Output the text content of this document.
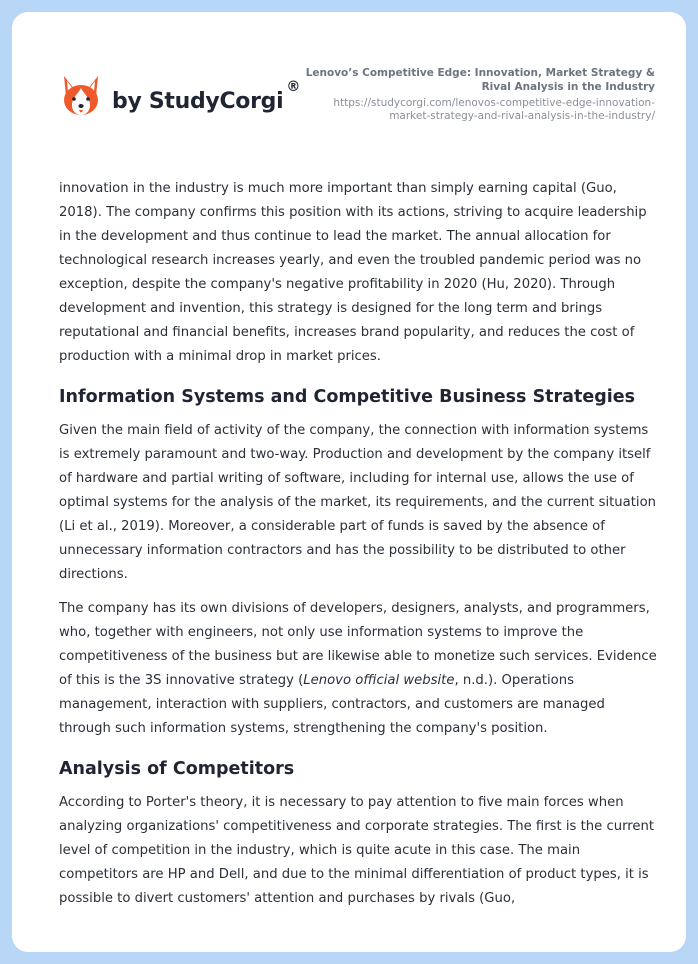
by StudyCorgi
®
Lenovo’s Competitive Edge: Innovation, Market Strategy & Rival Analysis in the Industry
https://studycorgi.com/lenovos-competitive-edge-innovation-market-strategy-and-rival-analysis-in-the-industry/

innovation in the industry is much more important than simply earning capital (Guo, 2018). The company confirms this position with its actions, striving to acquire leadership in the development and thus continue to lead the market. The annual allocation for technological research increases yearly, and even the troubled pandemic period was no exception, despite the company's negative profitability in 2020 (Hu, 2020). Through development and invention, this strategy is designed for the long term and brings reputational and financial benefits, increases brand popularity, and reduces the cost of production with a minimal drop in market prices.

Information Systems and Competitive Business Strategies

Given the main field of activity of the company, the connection with information systems is extremely paramount and two-way. Production and development by the company itself of hardware and partial writing of software, including for internal use, allows the use of optimal systems for the analysis of the market, its requirements, and the current situation (Li et al., 2019). Moreover, a considerable part of funds is saved by the absence of unnecessary information contractors and has the possibility to be distributed to other directions.

The company has its own divisions of developers, designers, analysts, and programmers, who, together with engineers, not only use information systems to improve the competitiveness of the business but are likewise able to monetize such services. Evidence of this is the 3S innovative strategy (Lenovo official website, n.d.). Operations management, interaction with suppliers, contractors, and customers are managed through such information systems, strengthening the company's position.

Analysis of Competitors

According to Porter's theory, it is necessary to pay attention to five main forces when analyzing organizations' competitiveness and corporate strategies. The first is the current level of competition in the industry, which is quite acute in this case. The main competitors are HP and Dell, and due to the minimal differentiation of product types, it is possible to divert customers' attention and purchases by rivals (Guo,
